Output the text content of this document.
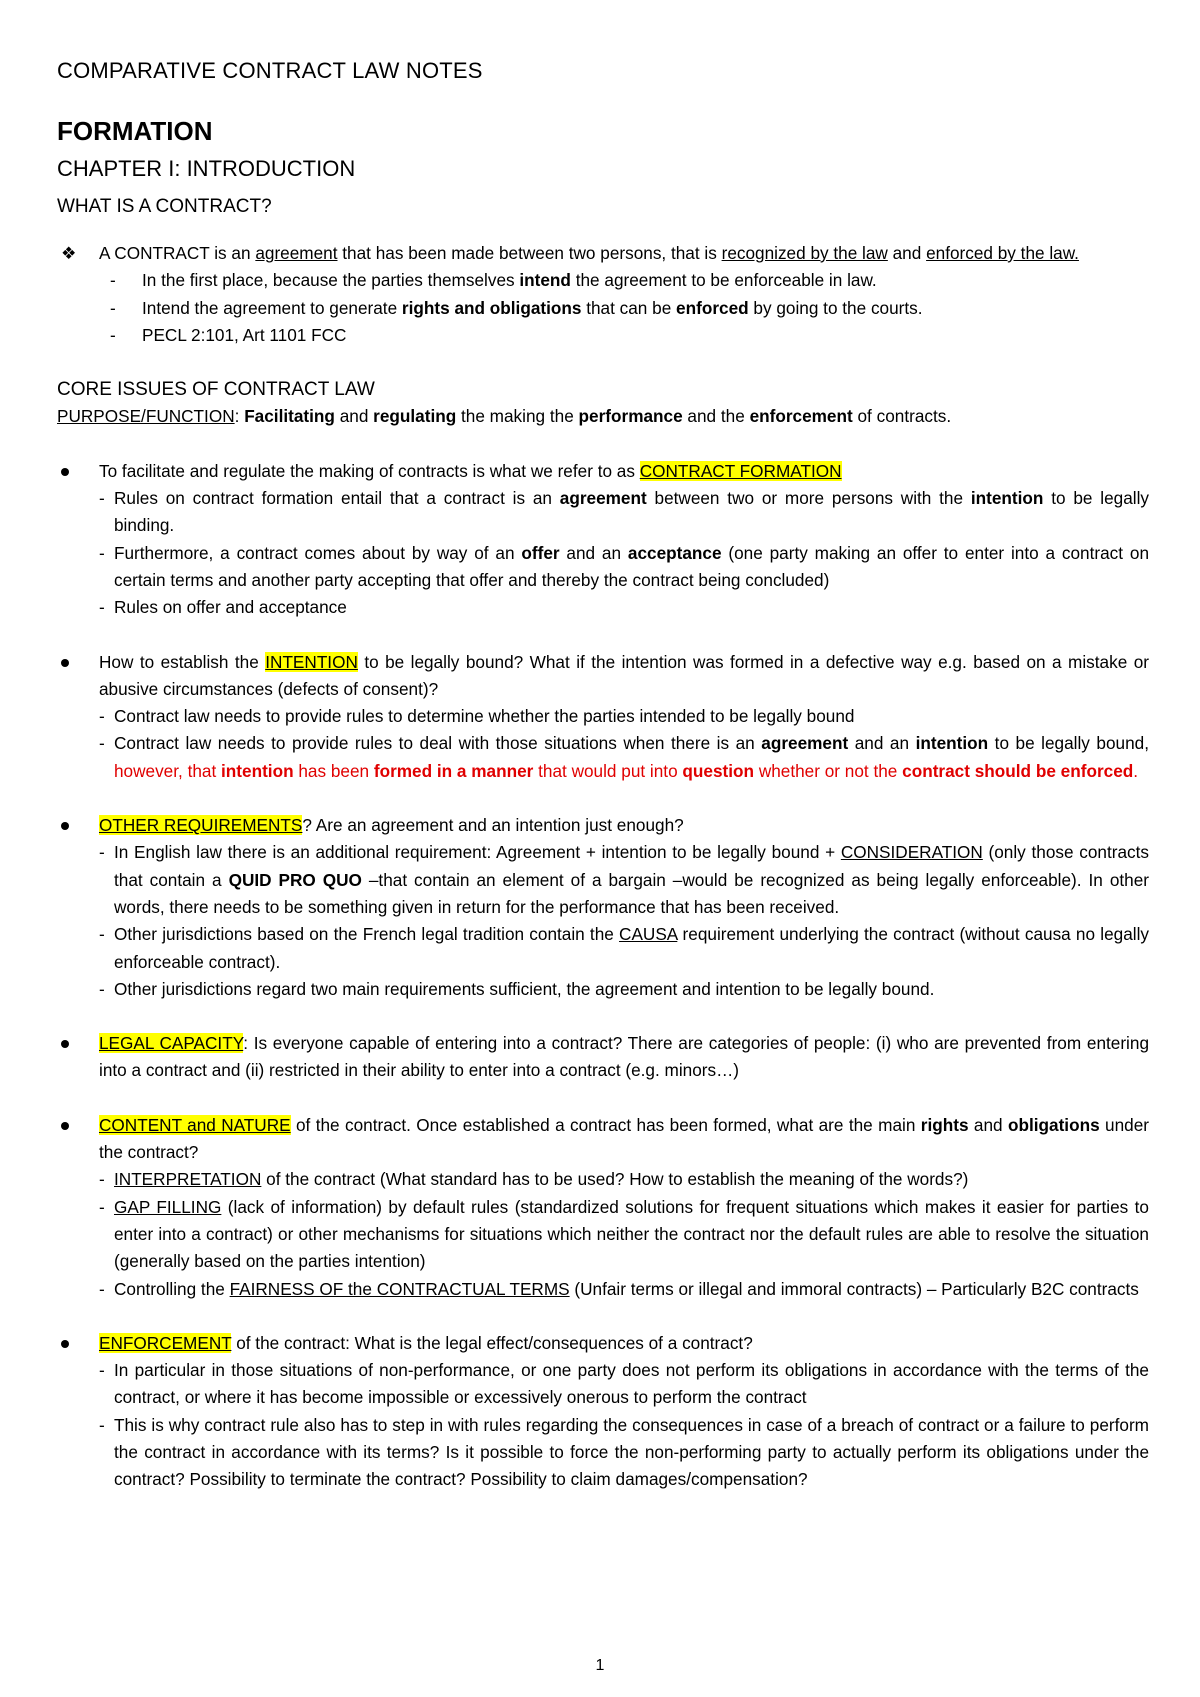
COMPARATIVE CONTRACT LAW NOTES
FORMATION
CHAPTER I: INTRODUCTION
WHAT IS A CONTRACT?
❖ A CONTRACT is an agreement that has been made between two persons, that is recognized by the law and enforced by the law.
- In the first place, because the parties themselves intend the agreement to be enforceable in law.
- Intend the agreement to generate rights and obligations that can be enforced by going to the courts.
- PECL 2:101, Art 1101 FCC
CORE ISSUES OF CONTRACT LAW
PURPOSE/FUNCTION: Facilitating and regulating the making the performance and the enforcement of contracts.
To facilitate and regulate the making of contracts is what we refer to as CONTRACT FORMATION
- Rules on contract formation entail that a contract is an agreement between two or more persons with the intention to be legally binding.
- Furthermore, a contract comes about by way of an offer and an acceptance (one party making an offer to enter into a contract on certain terms and another party accepting that offer and thereby the contract being concluded)
- Rules on offer and acceptance
How to establish the INTENTION to be legally bound? What if the intention was formed in a defective way e.g. based on a mistake or abusive circumstances (defects of consent)?
- Contract law needs to provide rules to determine whether the parties intended to be legally bound
- Contract law needs to provide rules to deal with those situations when there is an agreement and an intention to be legally bound, however, that intention has been formed in a manner that would put into question whether or not the contract should be enforced.
OTHER REQUIREMENTS? Are an agreement and an intention just enough?
- In English law there is an additional requirement: Agreement + intention to be legally bound + CONSIDERATION (only those contracts that contain a QUID PRO QUO –that contain an element of a bargain –would be recognized as being legally enforceable). In other words, there needs to be something given in return for the performance that has been received.
- Other jurisdictions based on the French legal tradition contain the CAUSA requirement underlying the contract (without causa no legally enforceable contract).
- Other jurisdictions regard two main requirements sufficient, the agreement and intention to be legally bound.
LEGAL CAPACITY: Is everyone capable of entering into a contract? There are categories of people: (i) who are prevented from entering into a contract and (ii) restricted in their ability to enter into a contract (e.g. minors…)
CONTENT and NATURE of the contract. Once established a contract has been formed, what are the main rights and obligations under the contract?
- INTERPRETATION of the contract (What standard has to be used? How to establish the meaning of the words?)
- GAP FILLING (lack of information) by default rules (standardized solutions for frequent situations which makes it easier for parties to enter into a contract) or other mechanisms for situations which neither the contract nor the default rules are able to resolve the situation (generally based on the parties intention)
- Controlling the FAIRNESS OF the CONTRACTUAL TERMS (Unfair terms or illegal and immoral contracts) – Particularly B2C contracts
ENFORCEMENT of the contract: What is the legal effect/consequences of a contract?
- In particular in those situations of non-performance, or one party does not perform its obligations in accordance with the terms of the contract, or where it has become impossible or excessively onerous to perform the contract
- This is why contract rule also has to step in with rules regarding the consequences in case of a breach of contract or a failure to perform the contract in accordance with its terms? Is it possible to force the non-performing party to actually perform its obligations under the contract? Possibility to terminate the contract? Possibility to claim damages/compensation?
1
